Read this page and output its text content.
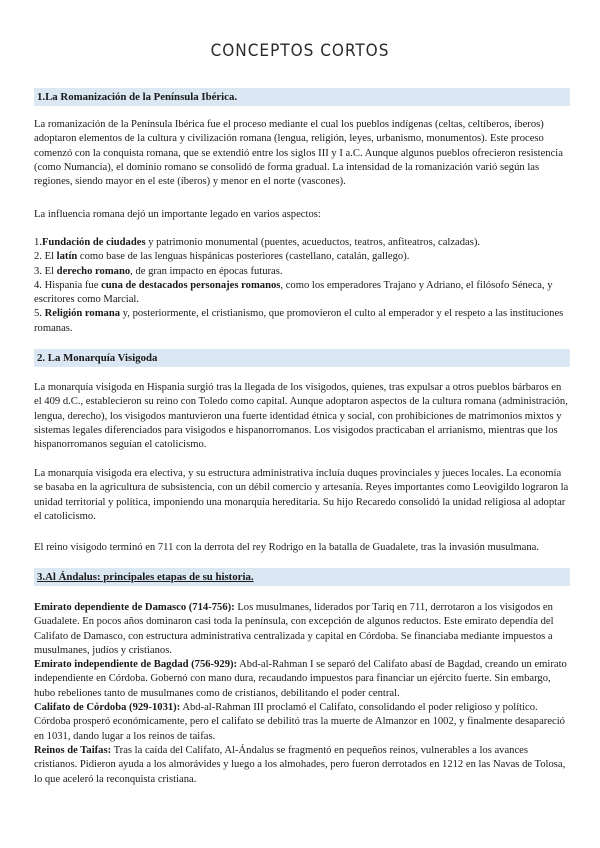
CONCEPTOS CORTOS
1.La Romanización de la Península Ibérica.

La romanización de la Península Ibérica fue el proceso mediante el cual los pueblos indígenas (celtas, celtíberos, íberos) adoptaron elementos de la cultura y civilización romana (lengua, religión, leyes, urbanismo, monumentos). Este proceso comenzó con la conquista romana, que se extendió entre los siglos III y I a.C. Aunque algunos pueblos ofrecieron resistencia (como Numancia), el dominio romano se consolidó de forma gradual. La intensidad de la romanización varió según las regiones, siendo mayor en el este (íberos) y menor en el norte (vascones).

La influencia romana dejó un importante legado en varios aspectos:

1.Fundación de ciudades y patrimonio monumental (puentes, acueductos, teatros, anfiteatros, calzadas).

2. El latín como base de las lenguas hispánicas posteriores (castellano, catalán, gallego).

3. El derecho romano, de gran impacto en épocas futuras.

4. Hispania fue cuna de destacados personajes romanos, como los emperadores Trajano y Adriano, el filósofo Séneca, y escritores como Marcial.

5. Religión romana y, posteriormente, el cristianismo, que promovieron el culto al emperador y el respeto a las instituciones romanas.

2. La Monarquía Visigoda

La monarquía visigoda en Hispania surgió tras la llegada de los visigodos, quienes, tras expulsar a otros pueblos bárbaros en el 409 d.C., establecieron su reino con Toledo como capital. Aunque adoptaron aspectos de la cultura romana (administración, lengua, derecho), los visigodos mantuvieron una fuerte identidad étnica y social, con prohibiciones de matrimonios mixtos y sistemas legales diferenciados para visigodos e hispanorromanos. Los visigodos practicaban el arrianismo, mientras que los hispanorromanos seguían el catolicismo.

La monarquía visigoda era electiva, y su estructura administrativa incluía duques provinciales y jueces locales. La economía se basaba en la agricultura de subsistencia, con un débil comercio y artesanía. Reyes importantes como Leovigildo lograron la unidad territorial y política, imponiendo una monarquía hereditaria. Su hijo Recaredo consolidó la unidad religiosa al adoptar el catolicismo.

El reino visigodo terminó en 711 con la derrota del rey Rodrigo en la batalla de Guadalete, tras la invasión musulmana.

3.Al Ándalus: principales etapas de su historia.

Emirato dependiente de Damasco (714-756): Los musulmanes, liderados por Tariq en 711, derrotaron a los visigodos en Guadalete. En pocos años dominaron casi toda la península, con excepción de algunos reductos. Este emirato dependía del Califato de Damasco, con estructura administrativa centralizada y capital en Córdoba. Se financiaba mediante impuestos a musulmanes, judíos y cristianos.

Emirato independiente de Bagdad (756-929): Abd-al-Rahman I se separó del Califato abasí de Bagdad, creando un emirato independiente en Córdoba. Gobernó con mano dura, recaudando impuestos para financiar un ejército fuerte. Sin embargo, hubo rebeliones tanto de musulmanes como de cristianos, debilitando el poder central.

Califato de Córdoba (929-1031): Abd-al-Rahman III proclamó el Califato, consolidando el poder religioso y político. Córdoba prosperó económicamente, pero el califato se debilitó tras la muerte de Almanzor en 1002, y finalmente desapareció en 1031, dando lugar a los reinos de taifas.

Reinos de Taifas: Tras la caída del Califato, Al-Ándalus se fragmentó en pequeños reinos, vulnerables a los avances cristianos. Pidieron ayuda a los almorávides y luego a los almohades, pero fueron derrotados en 1212 en las Navas de Tolosa, lo que aceleró la reconquista cristiana.
